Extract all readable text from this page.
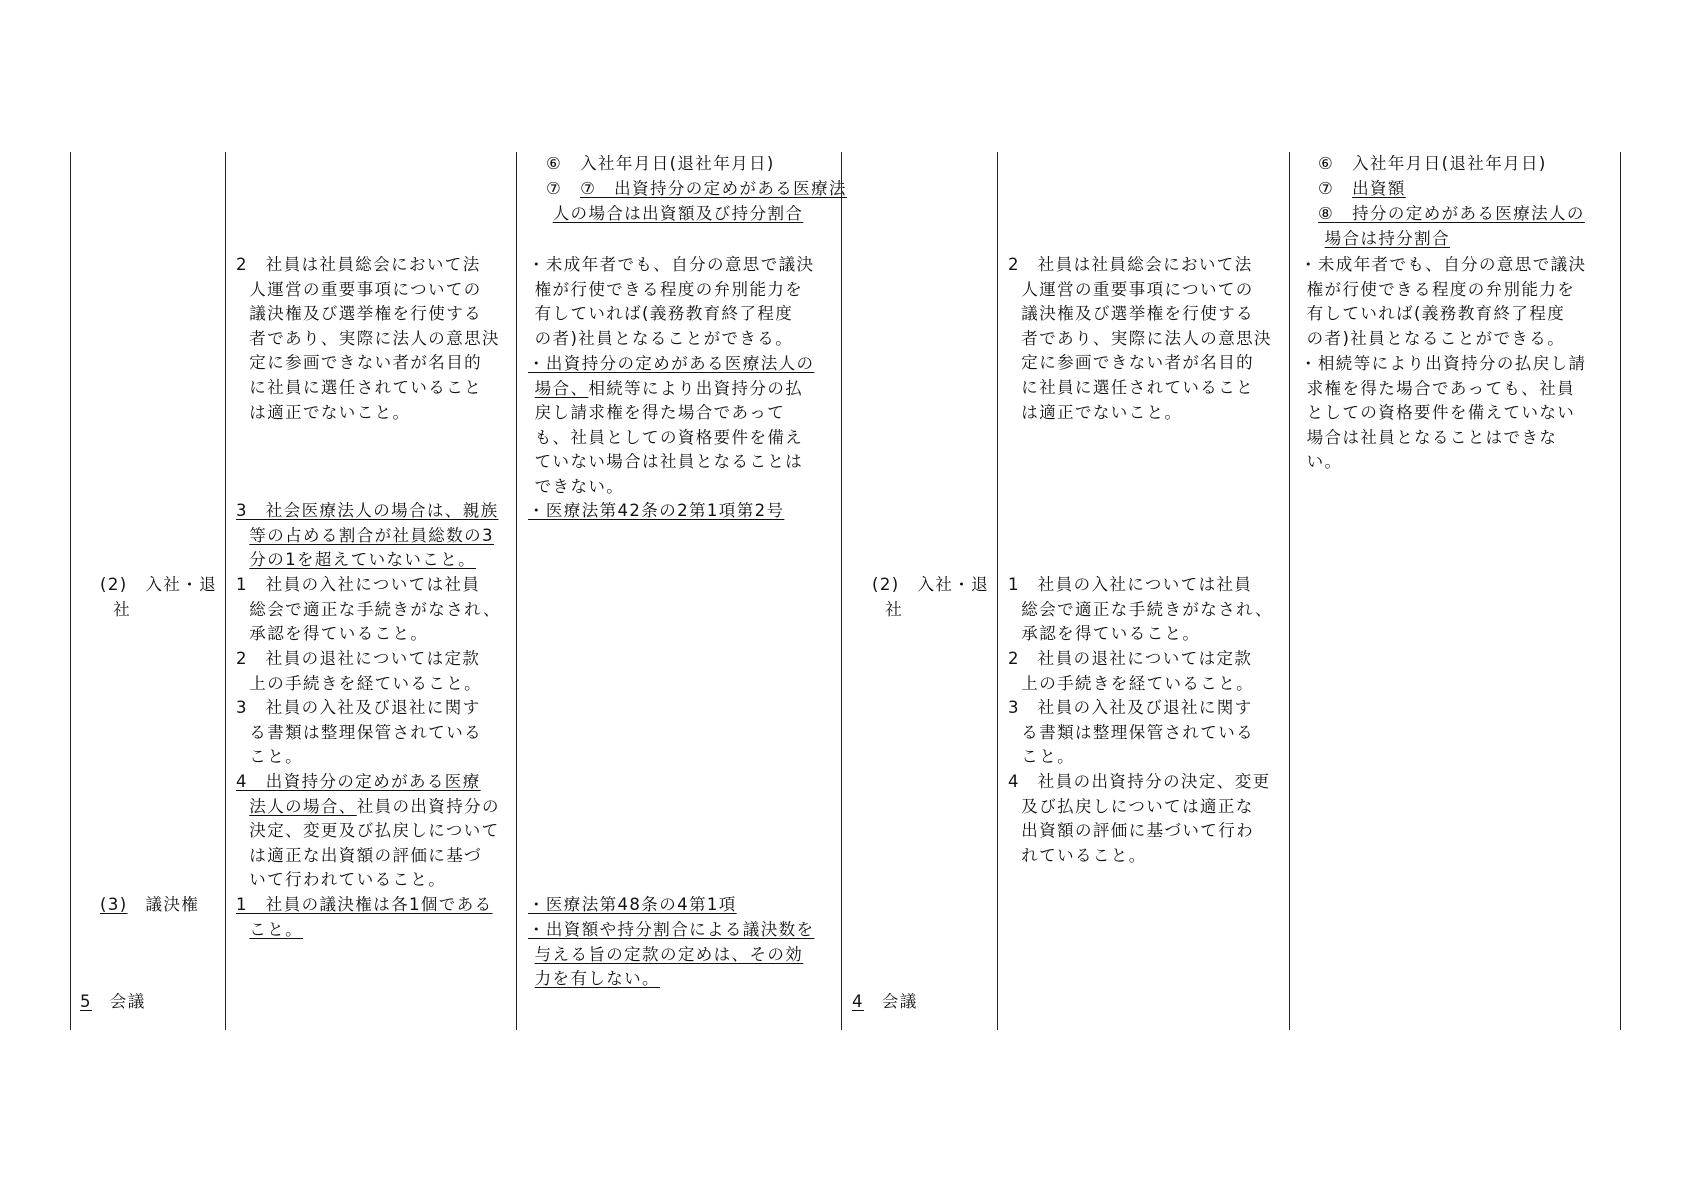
(2)　入社・退
社
(3)　議決権
5　会議
2　社員は社員総会において法
人運営の重要事項についての
議決権及び選挙権を行使する
者であり、実際に法人の意思決
定に参画できない者が名目的
に社員に選任されていること
は適正でないこと。
3　社会医療法人の場合は、親族
等の占める割合が社員総数の3
分の1を超えていないこと。
1　社員の入社については社員
総会で適正な手続きがなされ、
承認を得ていること。
2　社員の退社については定款
上の手続きを経ていること。
3　社員の入社及び退社に関す
る書類は整理保管されている
こと。
4　出資持分の定めがある医療
法人の場合、社員の出資持分の
決定、変更及び払戻しについて
は適正な出資額の評価に基づ
いて行われていること。
1　社員の議決権は各1個である
こと。
⑥　入社年月日(退社年月日)
⑦　⑦　出資持分の定めがある医療法
人の場合は出資額及び持分割合
・未成年者でも、自分の意思で議決
権が行使できる程度の弁別能力を
有していれば(義務教育終了程度
の者)社員となることができる。
・出資持分の定めがある医療法人の
場合、相続等により出資持分の払
戻し請求権を得た場合であって
も、社員としての資格要件を備え
ていない場合は社員となることは
できない。
・医療法第42条の2第1項第2号
・医療法第48条の4第1項
・出資額や持分割合による議決数を
与える旨の定款の定めは、その効
力を有しない。
(2)　入社・退
社
4　会議
2　社員は社員総会において法
人運営の重要事項についての
議決権及び選挙権を行使する
者であり、実際に法人の意思決
定に参画できない者が名目的
に社員に選任されていること
は適正でないこと。
1　社員の入社については社員
総会で適正な手続きがなされ、
承認を得ていること。
2　社員の退社については定款
上の手続きを経ていること。
3　社員の入社及び退社に関す
る書類は整理保管されている
こと。
4　社員の出資持分の決定、変更
及び払戻しについては適正な
出資額の評価に基づいて行わ
れていること。
⑥　入社年月日(退社年月日)
⑦　出資額
⑧　持分の定めがある医療法人の
場合は持分割合
・未成年者でも、自分の意思で議決
権が行使できる程度の弁別能力を
有していれば(義務教育終了程度
の者)社員となることができる。
・相続等により出資持分の払戻し請
求権を得た場合であっても、社員
としての資格要件を備えていない
場合は社員となることはできな
い。
